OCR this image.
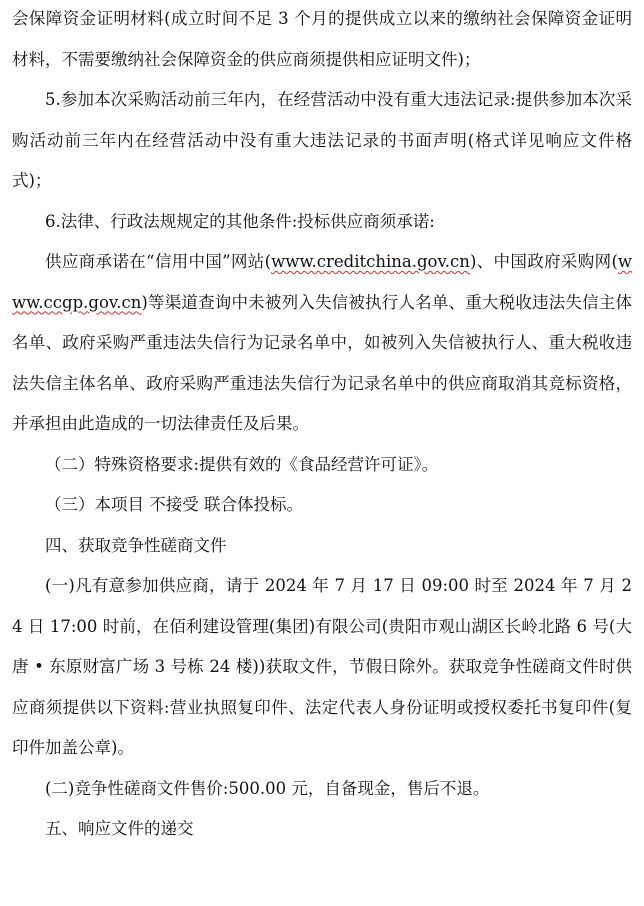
会保障资金证明材料(成立时间不足 3 个月的提供成立以来的缴纳社会保障资金证明材料，不需要缴纳社会保障资金的供应商须提供相应证明文件)；

5.参加本次采购活动前三年内，在经营活动中没有重大违法记录:提供参加本次采购活动前三年内在经营活动中没有重大违法记录的书面声明(格式详见响应文件格式)；

6.法律、行政法规规定的其他条件:投标供应商须承诺:

供应商承诺在“信用中国”网站(www.creditchina.gov.cn)、中国政府采购网(www.ccgp.gov.cn)等渠道查询中未被列入失信被执行人名单、重大税收违法失信主体名单、政府采购严重违法失信行为记录名单中，如被列入失信被执行人、重大税收违法失信主体名单、政府采购严重违法失信行为记录名单中的供应商取消其竞标资格，并承担由此造成的一切法律责任及后果。

（二）特殊资格要求:提供有效的《食品经营许可证》。

（三）本项目 不接受 联合体投标。

四、获取竞争性磋商文件

(一)凡有意参加供应商，请于 2024 年 7 月 17 日 09:00 时至 2024 年 7 月 24 日 17:00 时前，在佰利建设管理(集团)有限公司(贵阳市观山湖区长岭北路 6 号(大唐 • 东原财富广场 3 号栋 24 楼))获取文件，节假日除外。获取竞争性磋商文件时供应商须提供以下资料:营业执照复印件、法定代表人身份证明或授权委托书复印件(复印件加盖公章)。

(二)竞争性磋商文件售价:500.00 元，自备现金，售后不退。

五、响应文件的递交
